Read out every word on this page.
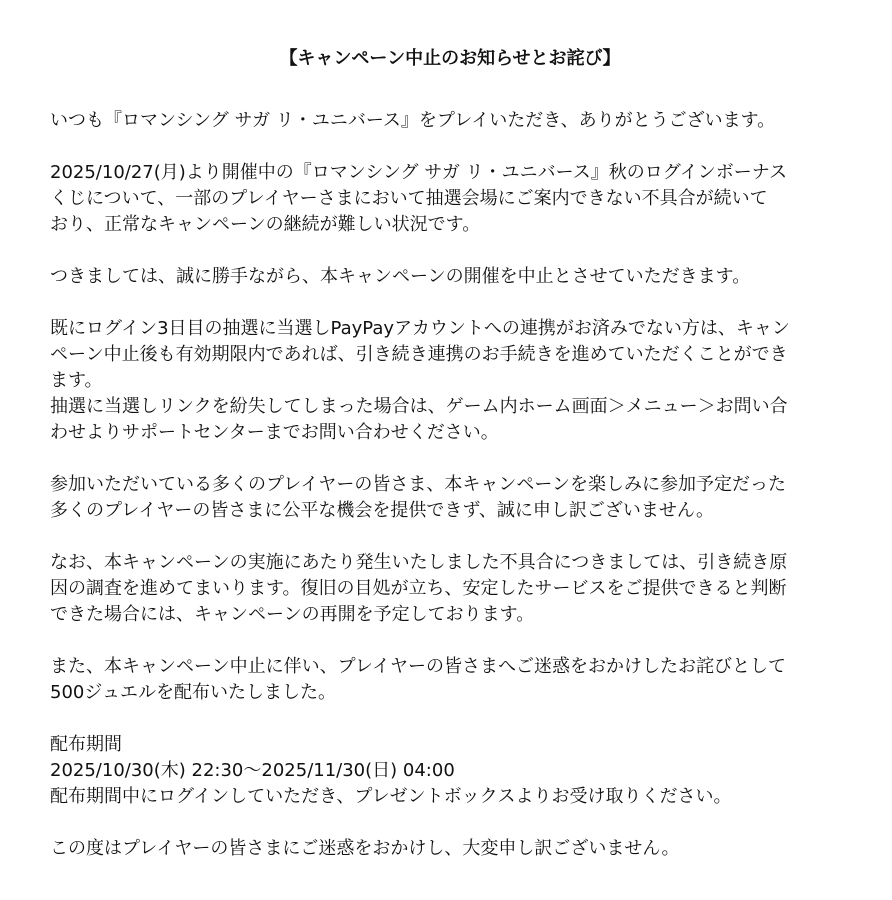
【キャンペーン中止のお知らせとお詫び】
いつも『ロマンシング サガ リ・ユニバース』をプレイいただき、ありがとうございます。
2025/10/27(月)より開催中の『ロマンシング サガ リ・ユニバース』秋のログインボーナス
くじについて、一部のプレイヤーさまにおいて抽選会場にご案内できない不具合が続いて
おり、正常なキャンペーンの継続が難しい状況です。
つきましては、誠に勝手ながら、本キャンペーンの開催を中止とさせていただきます。
既にログイン3日目の抽選に当選しPayPayアカウントへの連携がお済みでない方は、キャン
ペーン中止後も有効期限内であれば、引き続き連携のお手続きを進めていただくことができ
ます。
抽選に当選しリンクを紛失してしまった場合は、ゲーム内ホーム画面＞メニュー＞お問い合
わせよりサポートセンターまでお問い合わせください。
参加いただいている多くのプレイヤーの皆さま、本キャンペーンを楽しみに参加予定だった
多くのプレイヤーの皆さまに公平な機会を提供できず、誠に申し訳ございません。
なお、本キャンペーンの実施にあたり発生いたしました不具合につきましては、引き続き原
因の調査を進めてまいります。復旧の目処が立ち、安定したサービスをご提供できると判断
できた場合には、キャンペーンの再開を予定しております。
また、本キャンペーン中止に伴い、プレイヤーの皆さまへご迷惑をおかけしたお詫びとして
500ジュエルを配布いたしました。
配布期間
2025/10/30(木) 22:30〜2025/11/30(日) 04:00
配布期間中にログインしていただき、プレゼントボックスよりお受け取りください。
この度はプレイヤーの皆さまにご迷惑をおかけし、大変申し訳ございません。
